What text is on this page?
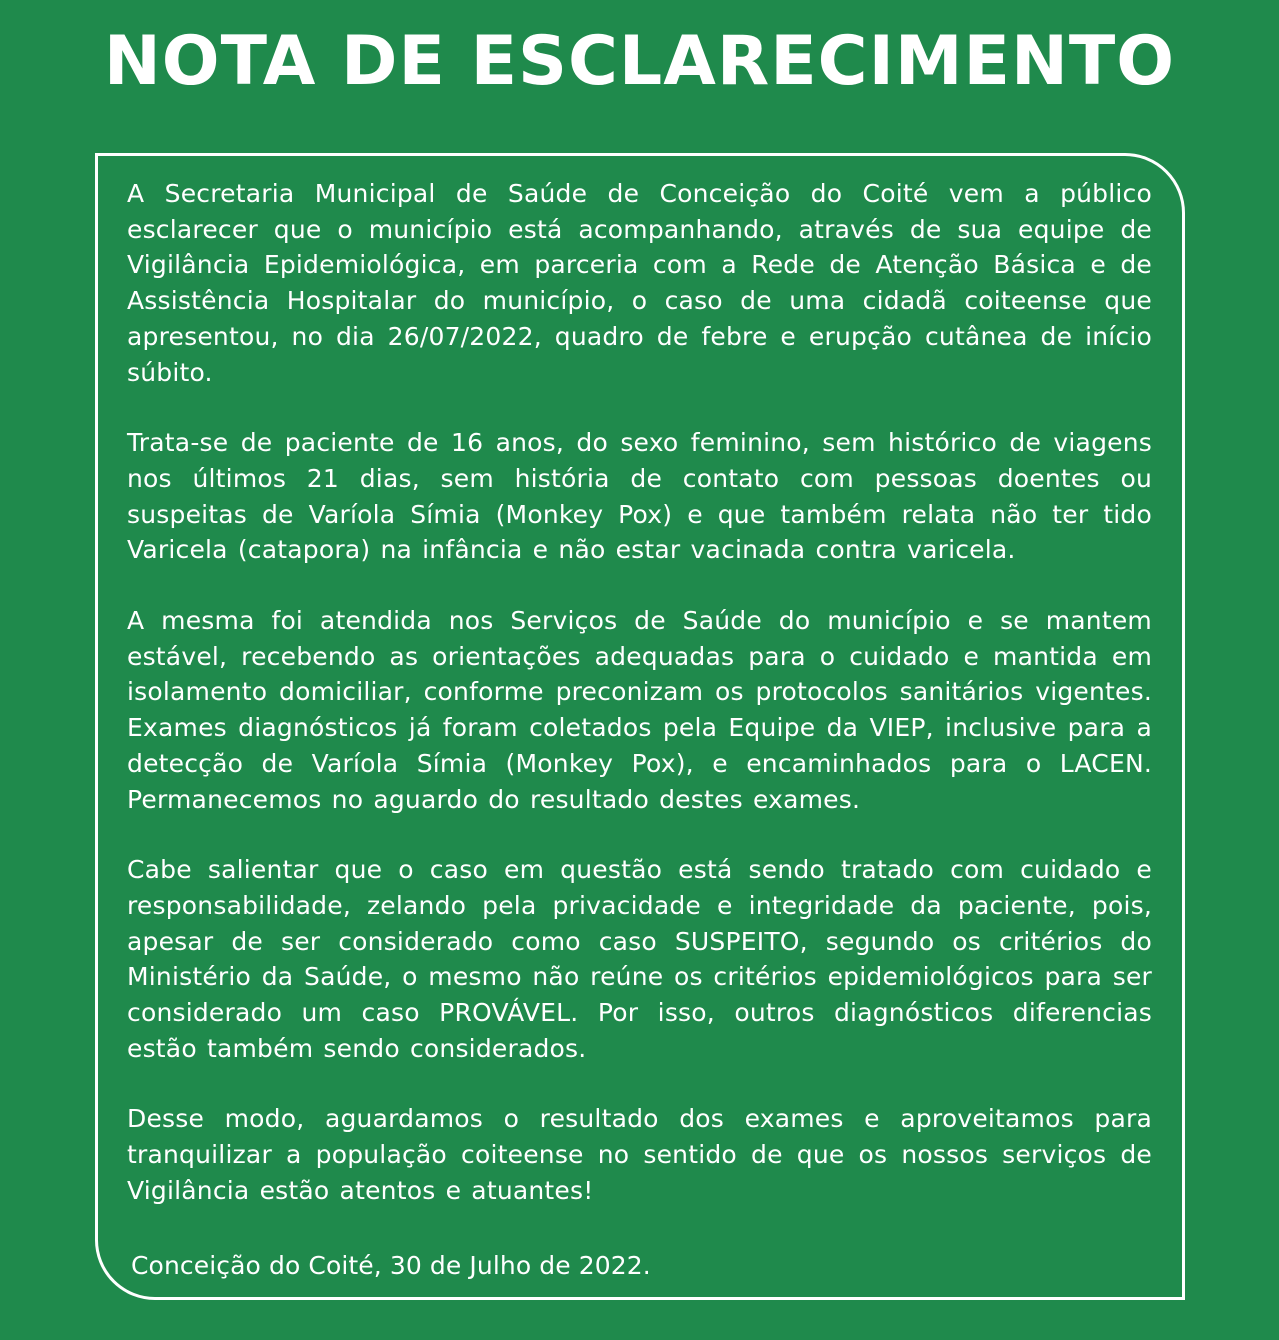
NOTA DE ESCLARECIMENTO

A Secretaria Municipal de Saúde de Conceição do Coité vem a público esclarecer que o município está acompanhando, através de sua equipe de Vigilância Epidemiológica, em parceria com a Rede de Atenção Básica e de Assistência Hospitalar do município, o caso de uma cidadã coiteense que apresentou, no dia 26/07/2022, quadro de febre e erupção cutânea de início súbito.

Trata-se de paciente de 16 anos, do sexo feminino, sem histórico de viagens nos últimos 21 dias, sem história de contato com pessoas doentes ou suspeitas de Varíola Símia (Monkey Pox) e que também relata não ter tido Varicela (catapora) na infância e não estar vacinada contra varicela.

A mesma foi atendida nos Serviços de Saúde do município e se mantem estável, recebendo as orientações adequadas para o cuidado e mantida em isolamento domiciliar, conforme preconizam os protocolos sanitários vigentes. Exames diagnósticos já foram coletados pela Equipe da VIEP, inclusive para a detecção de Varíola Símia (Monkey Pox), e encaminhados para o LACEN. Permanecemos no aguardo do resultado destes exames.

Cabe salientar que o caso em questão está sendo tratado com cuidado e responsabilidade, zelando pela privacidade e integridade da paciente, pois, apesar de ser considerado como caso SUSPEITO, segundo os critérios do Ministério da Saúde, o mesmo não reúne os critérios epidemiológicos para ser considerado um caso PROVÁVEL. Por isso, outros diagnósticos diferencias estão também sendo considerados.

Desse modo, aguardamos o resultado dos exames e aproveitamos para tranquilizar a população coiteense no sentido de que os nossos serviços de Vigilância estão atentos e atuantes!

Conceição do Coité, 30 de Julho de 2022.
